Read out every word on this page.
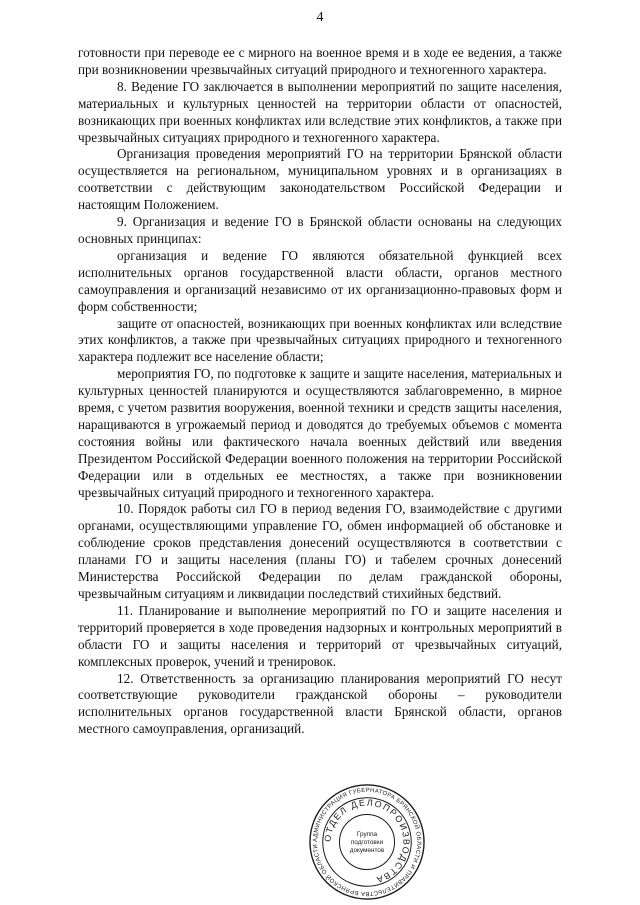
4

готовности при переводе ее с мирного на военное время и в ходе ее ведения, а также при возникновении чрезвычайных ситуаций природного и техногенного характера.

8. Ведение ГО заключается в выполнении мероприятий по защите населения, материальных и культурных ценностей на территории области от опасностей, возникающих при военных конфликтах или вследствие этих конфликтов, а также при чрезвычайных ситуациях природного и техногенного характера.

Организация проведения мероприятий ГО на территории Брянской области осуществляется на региональном, муниципальном уровнях и в организациях в соответствии с действующим законодательством Российской Федерации и настоящим Положением.

9. Организация и ведение ГО в Брянской области основаны на следующих основных принципах:

организация и ведение ГО являются обязательной функцией всех исполнительных органов государственной власти области, органов местного самоуправления и организаций независимо от их организационно-правовых форм и форм собственности;

защите от опасностей, возникающих при военных конфликтах или вследствие этих конфликтов, а также при чрезвычайных ситуациях природного и техногенного характера подлежит все население области;

мероприятия ГО, по подготовке к защите и защите населения, материальных и культурных ценностей планируются и осуществляются заблаговременно, в мирное время, с учетом развития вооружения, военной техники и средств защиты населения, наращиваются в угрожаемый период и доводятся до требуемых объемов с момента состояния войны или фактического начала военных действий или введения Президентом Российской Федерации военного положения на территории Российской Федерации или в отдельных ее местностях, а также при возникновении чрезвычайных ситуаций природного и техногенного характера.

10. Порядок работы сил ГО в период ведения ГО, взаимодействие с другими органами, осуществляющими управление ГО, обмен информацией об обстановке и соблюдение сроков представления донесений осуществляются в соответствии с планами ГО и защиты населения (планы ГО) и табелем срочных донесений Министерства Российской Федерации по делам гражданской обороны, чрезвычайным ситуациям и ликвидации последствий стихийных бедствий.

11. Планирование и выполнение мероприятий по ГО и защите населения и территорий проверяется в ходе проведения надзорных и контрольных мероприятий в области ГО и защиты населения и территорий от чрезвычайных ситуаций, комплексных проверок, учений и тренировок.

12. Ответственность за организацию планирования мероприятий ГО несут соответствующие руководители гражданской обороны – руководители исполнительных органов государственной власти Брянской области, органов местного самоуправления, организаций.

АДМИНИСТРАЦИЯ ГУБЕРНАТОРА БРЯНСКОЙ ОБЛАСТИ И ПРАВИТЕЛЬСТВА БРЯНСКОЙ ОБЛАСТИ
ОТДЕЛ ДЕЛОПРОИЗВОДСТВА
Группа
подготовки
документов
